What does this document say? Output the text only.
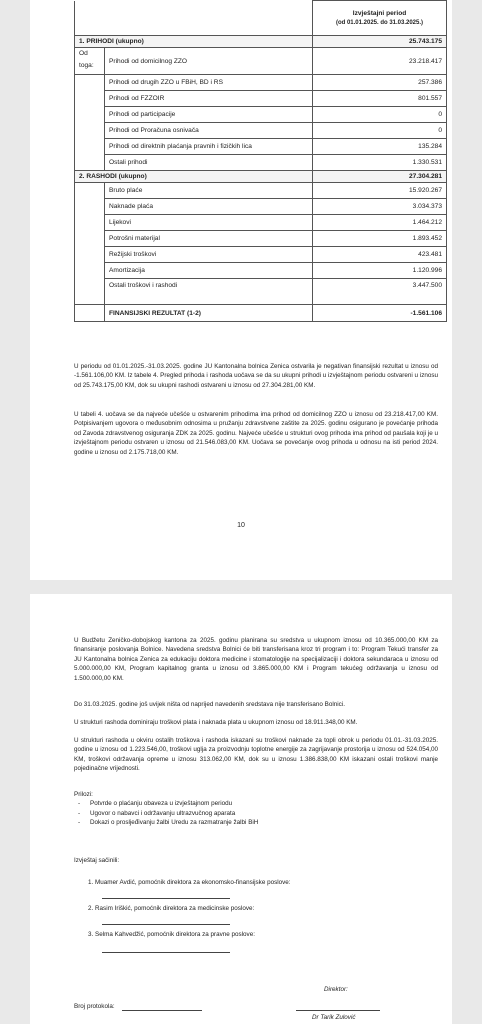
		Izvještajni period
(od 01.01.2025. do 31.03.2025.)
1. PRIHODI (ukupno)		25.743.175
Od toga:	Prihodi od domicilnog ZZO	23.218.417
	Prihodi od drugih ZZO u FBiH, BD i RS	257.386
	Prihodi od FZZOIR	801.557
	Prihodi od participacije	0
	Prihodi od Proračuna osnivača	0
	Prihodi od direktnih plaćanja pravnih i fizičkih lica	135.284
	Ostali prihodi	1.330.531
2. RASHODI (ukupno)		27.304.281
	Bruto plaće	15.920.267
	Naknade plaća	3.034.373
	Lijekovi	1.464.212
	Potrošni materijal	1.893.452
	Režijski troškovi	423.481
	Amortizacija	1.120.996
	Ostali troškovi i rashodi	3.447.500
	FINANSIJSKI REZULTAT (1-2)	-1.561.106

U periodu od 01.01.2025.-31.03.2025. godine JU Kantonalna bolnica Zenica ostvarila je negativan finansijski rezultat u iznosu od -1.561.106,00 KM. Iz tabele 4. Pregled prihoda i rashoda uočava se da su ukupni prihodi u izvještajnom periodu ostvareni u iznosu od 25.743.175,00 KM, dok su ukupni rashodi ostvareni u iznosu od 27.304.281,00 KM.

U tabeli 4. uočava se da najveće učešće u ostvarenim prihodima ima prihod od domicilnog ZZO u iznosu od 23.218.417,00 KM. Potpisivanjem ugovora o međusobnim odnosima u pružanju zdravstvene zaštite za 2025. godinu osigurano je povećanje prihoda od Zavoda zdravstvenog osiguranja ZDK za 2025. godinu. Najveće učešće u strukturi ovog prihoda ima prihod od paušala koji je u izvještajnom periodu ostvaren u iznosu od 21.546.083,00 KM. Uočava se povećanje ovog prihoda u odnosu na isti period 2024. godine u iznosu od 2.175.718,00 KM.

10

U Budžetu Zeničko-dobojskog kantona za 2025. godinu planirana su sredstva u ukupnom iznosu od 10.365.000,00 KM za finansiranje poslovanja Bolnice. Navedena sredstva Bolnici će biti transferisana kroz tri program i to: Program Tekući transfer za JU Kantonalna bolnica Zenica za edukaciju doktora medicine i stomatologije na specijalizaciji i doktora sekundaraca u iznosu od 5.000.000,00 KM, Program kapitalnog granta u iznosu od 3.865.000,00 KM i Program tekućeg održavanja u iznosu od 1.500.000,00 KM.

Do 31.03.2025. godine još uvijek ništa od naprijed navedenih sredstava nije transferisano Bolnici.

U strukturi rashoda dominiraju troškovi plata i naknada plata u ukupnom iznosu od 18.911.348,00 KM.

U strukturi rashoda u okviru ostalih troškova i rashoda iskazani su troškovi naknade za topli obrok u periodu 01.01.-31.03.2025. godine u iznosu od 1.223.546,00, troškovi uglja za proizvodnju toplotne energije za zagrijavanje prostorija u iznosu od 524.054,00 KM, troškovi održavanja opreme u iznosu 313.062,00 KM, dok su u iznosu 1.386.838,00 KM iskazani ostali troškovi manje pojedinačne vrijednosti.

Prilozi:
- Potvrde o plaćanju obaveza u izvještajnom periodu
- Ugovor o nabavci i održavanju ultrazvučnog aparata
- Dokazi o prosljeđivanju žalbi Uredu za razmatranje žalbi BiH
Izvještaj sačinili:
1. Muamer Avdić, pomoćnik direktora za ekonomsko-finansijske poslove:
2. Rasim Iriškić, pomoćnik direktora za medicinske poslove:
3. Selma Kahvedžić, pomoćnik direktora za pravne poslove:
Direktor:
Broj protokola:
Dr Tarik Zulović
